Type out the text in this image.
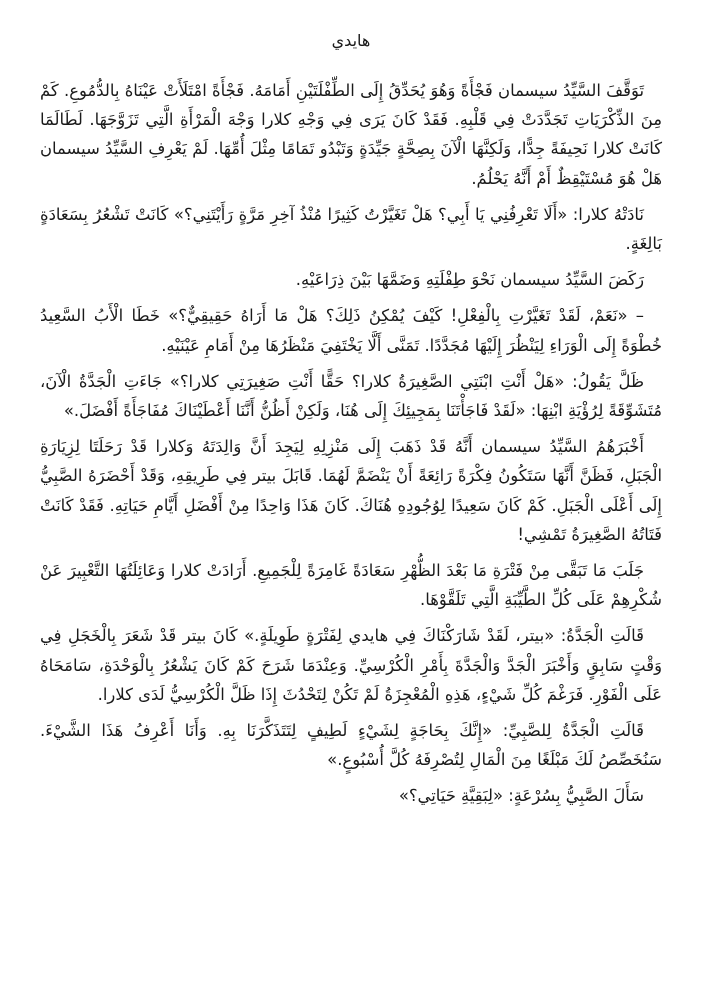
هايدي

تَوَقَّفَ السَّيِّدُ سيسمان فَجْأَةً وَهُوَ يُحَدِّقُ إِلَى الطِّفْلَتَيْنِ أَمَامَهُ. فَجْأَةً امْتَلَأَتْ عَيْنَاهُ بِالدُّمُوعِ. كَمْ مِنَ الذِّكْرَيَاتِ تَجَدَّدَتْ فِي قَلْبِهِ. فَقَدْ كَانَ يَرَى فِي وَجْهِ كلارا وَجْهَ الْمَرْأَةِ الَّتِي تَزَوَّجَهَا. لَطَالَمَا كَانَتْ كلارا نَحِيفَةً جِدًّا، وَلَكِنَّهَا الْآنَ بِصِحَّةٍ جَيِّدَةٍ وَتَبْدُو تَمَامًا مِثْلَ أُمِّهَا. لَمْ يَعْرِفِ السَّيِّدُ سيسمان هَلْ هُوَ مُسْتَيْقِظٌ أَمْ أَنَّهُ يَحْلُمُ.

نَادَتْهُ كلارا: «أَلَا تَعْرِفُنِي يَا أَبِي؟ هَلْ تَغَيَّرْتُ كَثِيرًا مُنْذُ آخِرِ مَرَّةٍ رَأَيْتَنِي؟» كَانَتْ تَشْعُرُ بِسَعَادَةٍ بَالِغَةٍ.

رَكَضَ السَّيِّدُ سيسمان نَحْوَ طِفْلَتِهِ وَضَمَّهَا بَيْنَ ذِرَاعَيْهِ.

– «نَعَمْ، لَقَدْ تَغَيَّرْتِ بِالْفِعْلِ! كَيْفَ يُمْكِنُ ذَلِكَ؟ هَلْ مَا أَرَاهُ حَقِيقِيٌّ؟» خَطَا الْأَبُ السَّعِيدُ خُطْوَةً إِلَى الْوَرَاءِ لِيَنْظُرَ إِلَيْهَا مُجَدَّدًا. تَمَنَّى أَلَّا يَخْتَفِيَ مَنْظَرُهَا مِنْ أَمَامِ عَيْنَيْهِ.

ظَلَّ يَقُولُ: «هَلْ أَنْتِ ابْنَتِي الصَّغِيرَةُ كلارا؟ حَقًّا أَنْتِ صَغِيرَتِي كلارا؟» جَاءَتِ الْجَدَّةُ الْآنَ، مُتَشَوِّقَةً لِرُؤْيَةِ ابْنِهَا: «لَقَدْ فَاجَأْتَنَا بِمَجِيئِكَ إِلَى هُنَا، وَلَكِنْ أَظُنُّ أَنَّنَا أَعْطَيْنَاكَ مُفَاجَأَةً أَفْضَلَ.»

أَخْبَرَهُمُ السَّيِّدُ سيسمان أَنَّهُ قَدْ ذَهَبَ إِلَى مَنْزِلِهِ لِيَجِدَ أَنَّ وَالِدَتَهُ وَكلارا قَدْ رَحَلَتَا لِزِيَارَةِ الْجَبَلِ، فَظَنَّ أَنَّهَا سَتَكُونُ فِكْرَةً رَائِعَةً أَنْ يَنْضَمَّ لَهُمَا. قَابَلَ بيتر فِي طَرِيقِهِ، وَقَدْ أَحْضَرَهُ الصَّبِيُّ إِلَى أَعْلَى الْجَبَلِ. كَمْ كَانَ سَعِيدًا لِوُجُودِهِ هُنَاكَ. كَانَ هَذَا وَاحِدًا مِنْ أَفْضَلِ أَيَّامِ حَيَاتِهِ. فَقَدْ كَانَتْ فَتَاتُهُ الصَّغِيرَةُ تَمْشِي!

جَلَبَ مَا تَبَقَّى مِنْ فَتْرَةِ مَا بَعْدَ الظُّهْرِ سَعَادَةً غَامِرَةً لِلْجَمِيعِ. أَرَادَتْ كلارا وَعَائِلَتُهَا التَّعْبِيرَ عَنْ شُكْرِهِمْ عَلَى كُلِّ الطَّيِّبَةِ الَّتِي تَلَقَّوْهَا.

قَالَتِ الْجَدَّةُ: «بيتر، لَقَدْ شَارَكْنَاكَ فِي هايدي لِفَتْرَةٍ طَوِيلَةٍ.» كَانَ بيتر قَدْ شَعَرَ بِالْخَجَلِ فِي وَقْتٍ سَابِقٍ وَأَخْبَرَ الْجَدَّ وَالْجَدَّةَ بِأَمْرِ الْكُرْسِيِّ. وَعِنْدَمَا شَرَحَ كَمْ كَانَ يَشْعُرُ بِالْوَحْدَةِ، سَامَحَاهُ عَلَى الْفَوْرِ. فَرَغْمَ كُلِّ شَيْءٍ، هَذِهِ الْمُعْجِزَةُ لَمْ تَكُنْ لِتَحْدُثَ إِذَا ظَلَّ الْكُرْسِيُّ لَدَى كلارا.

قَالَتِ الْجَدَّةُ لِلصَّبِيِّ: «إِنَّكَ بِحَاجَةٍ لِشَيْءٍ لَطِيفٍ لِتَتَذَكَّرَنَا بِهِ. وَأَنَا أَعْرِفُ هَذَا الشَّيْءَ. سَنُخَصِّصُ لَكَ مَبْلَغًا مِنَ الْمَالِ لِتُصْرِفَهُ كُلَّ أُسْبُوعٍ.»

سَأَلَ الصَّبِيُّ بِسُرْعَةٍ: «لِبَقِيَّةِ حَيَاتِي؟»
